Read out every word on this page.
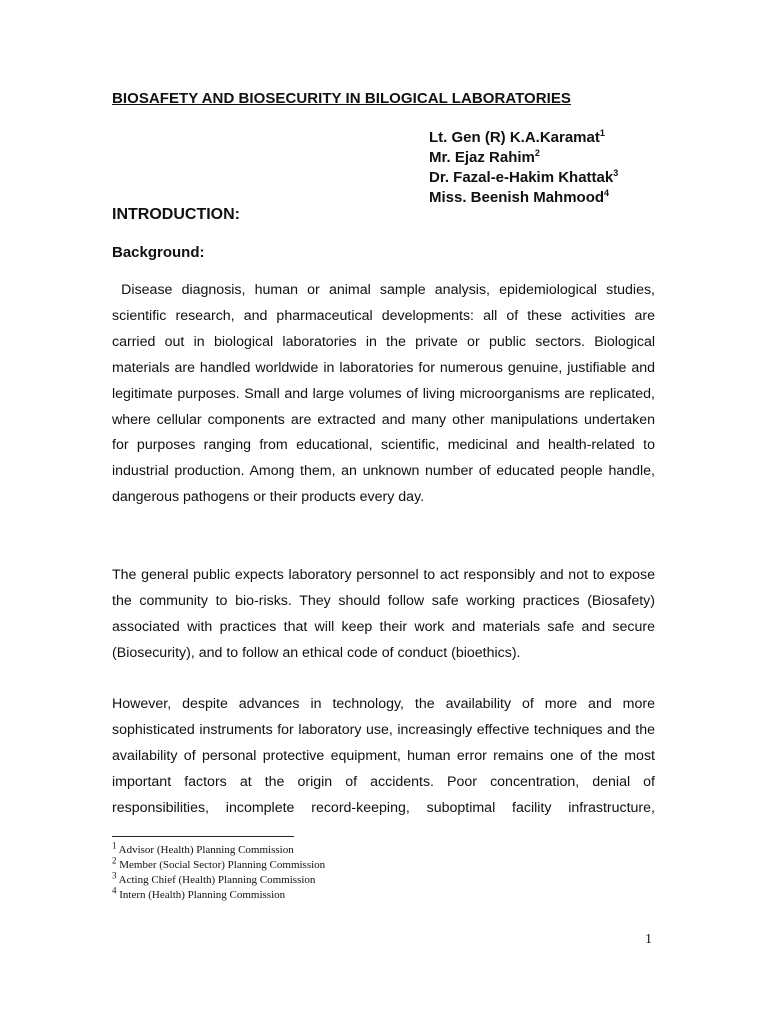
BIOSAFETY AND BIOSECURITY IN BILOGICAL LABORATORIES
Lt. Gen (R) K.A.Karamat$^1$
Mr. Ejaz Rahim$^2$
Dr. Fazal-e-Hakim Khattak$^3$
Miss. Beenish Mahmood$^4$
INTRODUCTION:
Background:
Disease diagnosis, human or animal sample analysis, epidemiological studies, scientific research, and pharmaceutical developments: all of these activities are carried out in biological laboratories in the private or public sectors. Biological materials are handled worldwide in laboratories for numerous genuine, justifiable and legitimate purposes. Small and large volumes of living microorganisms are replicated, where cellular components are extracted and many other manipulations undertaken for purposes ranging from educational, scientific, medicinal and health-related to industrial production. Among them, an unknown number of educated people handle, dangerous pathogens or their products every day.
The general public expects laboratory personnel to act responsibly and not to expose the community to bio-risks. They should follow safe working practices (Biosafety) associated with practices that will keep their work and materials safe and secure (Biosecurity), and to follow an ethical code of conduct (bioethics).
However, despite advances in technology, the availability of more and more sophisticated instruments for laboratory use, increasingly effective techniques and the availability of personal protective equipment, human error remains one of the most important factors at the origin of accidents. Poor concentration, denial of responsibilities, incomplete record-keeping, suboptimal facility infrastructure,
$^1$ Advisor (Health) Planning Commission
$^2$ Member (Social Sector) Planning Commission
$^3$ Acting Chief (Health) Planning Commission
$^4$ Intern (Health) Planning Commission
1
